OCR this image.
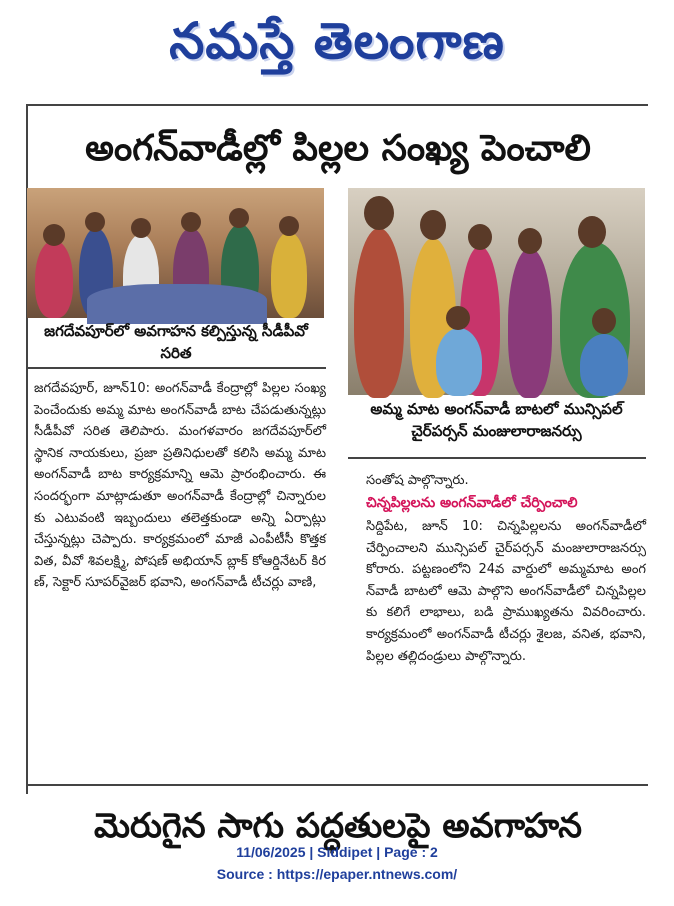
నమస్తే తెలంగాణ
అంగన్‌వాడీల్లో పిల్లల సంఖ్య పెంచాలి
జగదేవపూర్‌లో అవగాహన కల్పిస్తున్న సీడీపీవో సరిత
అమ్మ మాట అంగన్‌వాడీ బాటలో మున్సిపల్ చైర్‌పర్సన్ మంజులారాజనర్సు
జగదేవపూర్, జూన్10: అంగన్‌వాడీ కేంద్రాల్లో పిల్లల సంఖ్య పెంచేందుకు అమ్మ మాట అంగన్‌వాడీ బాట చేపడుతున్నట్లు సీడీపీవో సరిత తెలిపారు. మంగళవారం జగదేవపూర్‌లో స్థానిక నాయకులు, ప్రజా ప్రతినిధులతో కలిసి అమ్మ మాట అంగన్‌వాడీ బాట కార్యక్రమాన్ని ఆమె ప్రారంభించారు. ఈ సందర్భంగా మాట్లాడుతూ అంగన్‌వాడీ కేంద్రాల్లో చిన్నారులకు ఎటువంటి ఇబ్బందులు తలెత్తకుండా అన్ని ఏర్పాట్లు చేస్తున్నట్లు చెప్పారు. కార్యక్రమంలో మాజీ ఎంపీటీసీ కొత్తకవిత, వీవో శివలక్ష్మి, పోషణ్ అభియాన్ బ్లాక్ కోఆర్డినేటర్ కిరణ్, సెక్టార్ సూపర్‌వైజర్ భవాని, అంగన్‌వాడీ టీచర్లు వాణి,
సంతోష పాల్గొన్నారు.
చిన్నపిల్లలను అంగన్‌వాడీలో చేర్పించాలి
సిద్దిపేట, జూన్ 10: చిన్నపిల్లలను అంగన్‌వాడీలో చేర్పించాలని మున్సిపల్ చైర్‌పర్సన్ మంజులారాజనర్సు కోరారు. పట్టణంలోని 24వ వార్డులో అమ్మమాట అంగన్‌వాడీ బాటలో ఆమె పాల్గొని అంగన్‌వాడీలో చిన్నపిల్లలకు కలిగే లాభాలు, బడి ప్రాముఖ్యతను వివరించారు. కార్యక్రమంలో అంగన్‌వాడీ టీచర్లు శైలజ, వనిత, భవాని, పిల్లల తల్లిదండ్రులు పాల్గొన్నారు.
మెరుగైన సాగు పద్ధతులపై అవగాహన
11/06/2025 | Siddipet | Page : 2
Source : https://epaper.ntnews.com/
